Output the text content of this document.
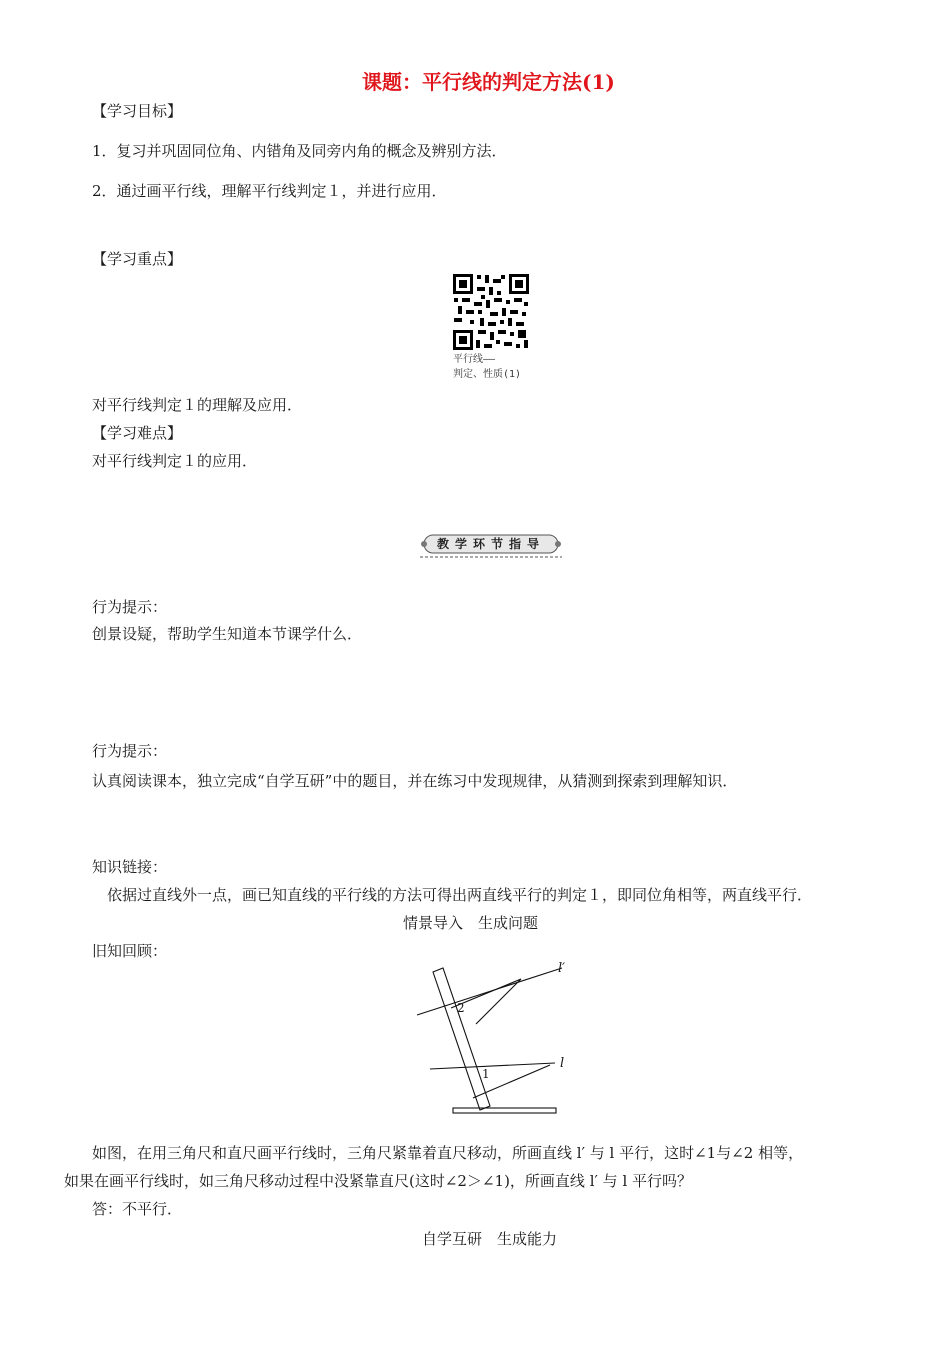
课题：平行线的判定方法(1)
【学习目标】
1．复习并巩固同位角、内错角及同旁内角的概念及辨别方法．
2．通过画平行线，理解平行线判定１，并进行应用．
【学习重点】
平行线——
判定、性质(1)
对平行线判定１的理解及应用．
【学习难点】
对平行线判定１的应用．
教学环节指导
行为提示：
创景设疑，帮助学生知道本节课学什么．
行为提示：
认真阅读课本，独立完成“自学互研”中的题目，并在练习中发现规律，从猜测到探索到理解知识．
知识链接：
依据过直线外一点，画已知直线的平行线的方法可得出两直线平行的判定１，即同位角相等，两直线平行．
情景导入　生成问题
旧知回顾：
l′
l
2
1
如图，在用三角尺和直尺画平行线时，三角尺紧靠着直尺移动，所画直线 l′ 与 l 平行，这时∠1与∠2 相等，
如果在画平行线时，如三角尺移动过程中没紧靠直尺(这时∠2＞∠1)，所画直线 l′ 与 l 平行吗？
答：不平行．
自学互研　生成能力
